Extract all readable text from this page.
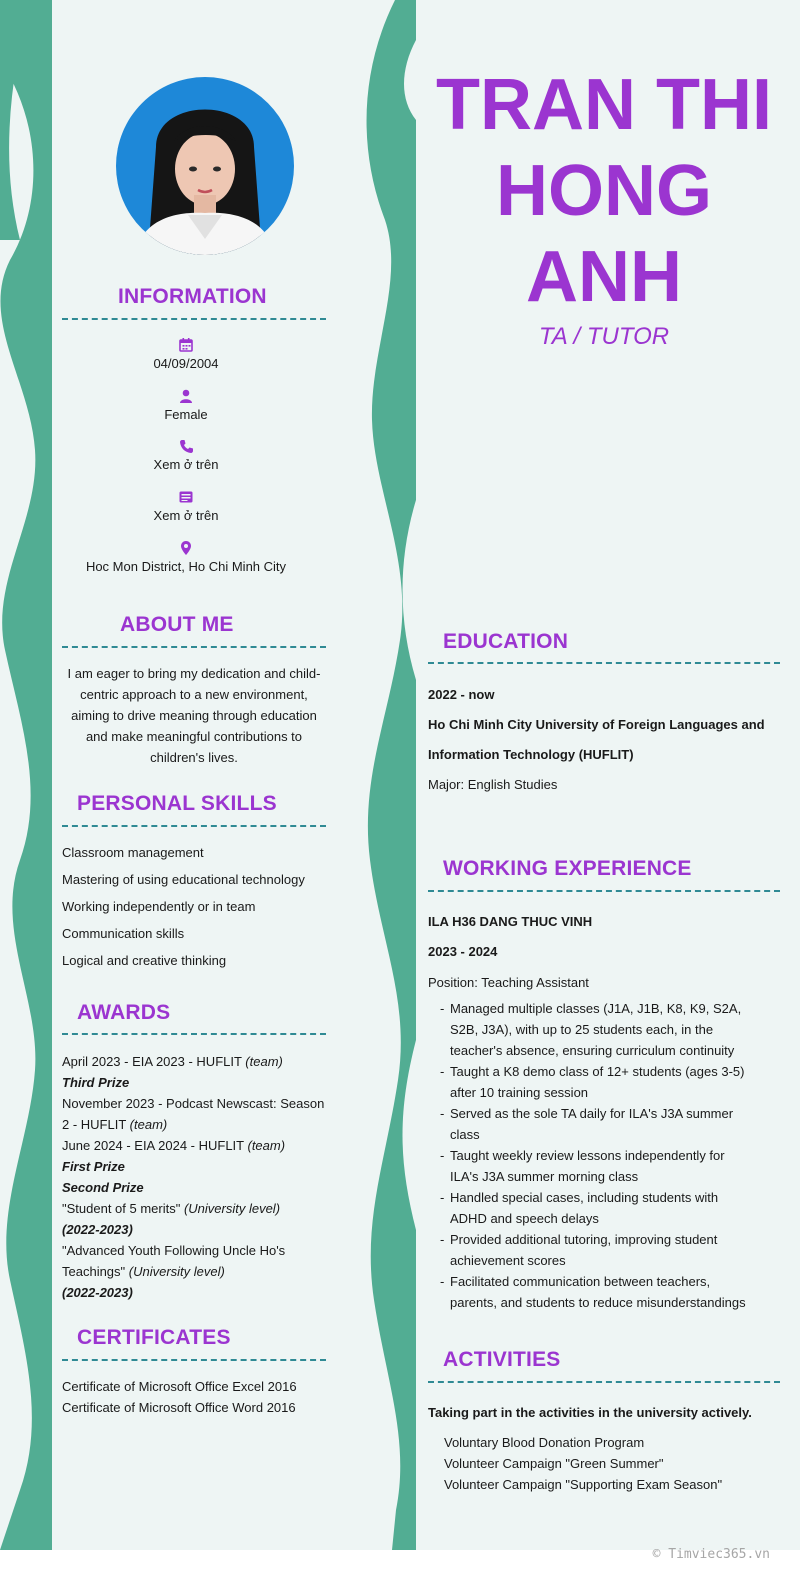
INFORMATION
04/09/2004
Female
Xem ở trên
Xem ở trên
Hoc Mon District, Ho Chi Minh City
ABOUT ME
I am eager to bring my dedication and child-centric approach to a new environment, aiming to drive meaning through education and make meaningful contributions to children's lives.
PERSONAL SKILLS
Classroom management
Mastering of using educational technology
Working independently or in team
Communication skills
Logical and creative thinking
AWARDS
April 2023 - EIA 2023 - HUFLIT (team)
Third Prize
November 2023 - Podcast Newscast: Season 2 - HUFLIT (team)
June 2024 - EIA 2024 - HUFLIT (team)
First Prize
Second Prize
"Student of 5 merits" (University level)
(2022-2023)
"Advanced Youth Following Uncle Ho's Teachings" (University level)
(2022-2023)
CERTIFICATES
Certificate of Microsoft Office Excel 2016
Certificate of Microsoft Office Word 2016
TRAN THI HONG ANH
TA / TUTOR
EDUCATION
2022 - now
Ho Chi Minh City University of Foreign Languages and
Information Technology (HUFLIT)
Major: English Studies
WORKING EXPERIENCE
ILA H36 DANG THUC VINH
2023 - 2024
Position: Teaching Assistant
- Managed multiple classes (J1A, J1B, K8, K9, S2A, S2B, J3A), with up to 25 students each, in the teacher's absence, ensuring curriculum continuity
- Taught a K8 demo class of 12+ students (ages 3-5) after 10 training session
- Served as the sole TA daily for ILA's J3A summer class
- Taught weekly review lessons independently for ILA's J3A summer morning class
- Handled special cases, including students with ADHD and speech delays
- Provided additional tutoring, improving student achievement scores
- Facilitated communication between teachers, parents, and students to reduce misunderstandings
ACTIVITIES
Taking part in the activities in the university actively.
Voluntary Blood Donation Program
Volunteer Campaign "Green Summer"
Volunteer Campaign "Supporting Exam Season"
© Timviec365.vn
